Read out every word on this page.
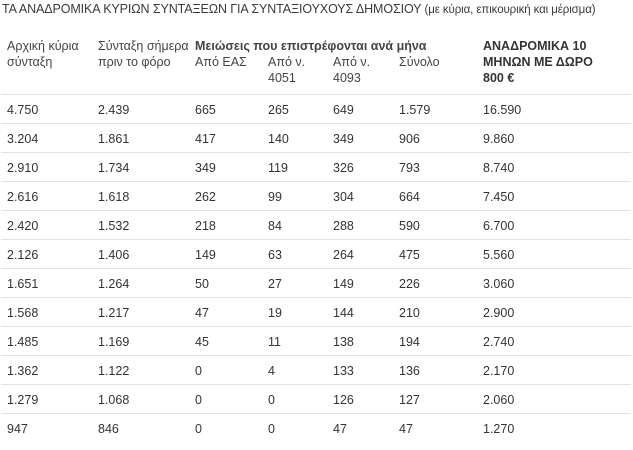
ΤΑ ΑΝΑΔΡΟΜΙΚΑ ΚΥΡΙΩΝ ΣΥΝΤΑΞΕΩΝ ΓΙΑ ΣΥΝΤΑΞΙΟΥΧΟΥΣ ΔΗΜΟΣΙΟΥ (με κύρια, επικουρική και μέρισμα)
Αρχική κύρια σύνταξη	Σύνταξη σήμερα πριν το φόρο	Μειώσεις που επιστρέφονται ανά μήνα				ΑΝΑΔΡΟΜΙΚΑ 10 ΜΗΝΩΝ ΜΕ ΔΩΡΟ 800 €
		Από ΕΑΣ	Από ν. 4051	Από ν. 4093	Σύνολο	
4.750	2.439	665	265	649	1.579	16.590
3.204	1.861	417	140	349	906	9.860
2.910	1.734	349	119	326	793	8.740
2.616	1.618	262	99	304	664	7.450
2.420	1.532	218	84	288	590	6.700
2.126	1.406	149	63	264	475	5.560
1.651	1.264	50	27	149	226	3.060
1.568	1.217	47	19	144	210	2.900
1.485	1.169	45	11	138	194	2.740
1.362	1.122	0	4	133	136	2.170
1.279	1.068	0	0	126	127	2.060
947	846	0	0	47	47	1.270
